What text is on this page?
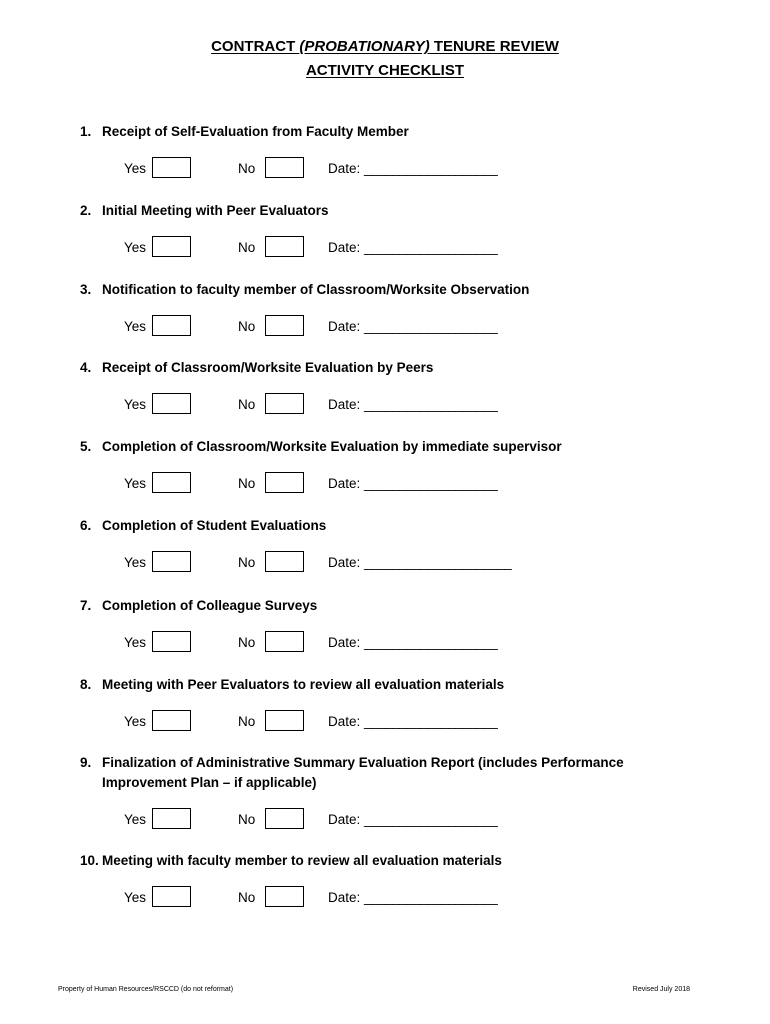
CONTRACT (PROBATIONARY) TENURE REVIEW
ACTIVITY CHECKLIST
1. Receipt of Self-Evaluation from Faculty Member
Yes	No	Date: ___________________
2. Initial Meeting with Peer Evaluators
Yes	No	Date: ___________________
3. Notification to faculty member of Classroom/Worksite Observation
Yes	No	Date: ___________________
4. Receipt of Classroom/Worksite Evaluation by Peers
Yes	No	Date: ___________________
5. Completion of Classroom/Worksite Evaluation by immediate supervisor
Yes	No	Date: ___________________
6. Completion of Student Evaluations
Yes	No	Date: _____________________
7. Completion of Colleague Surveys
Yes	No	Date: ___________________
8. Meeting with Peer Evaluators to review all evaluation materials
Yes	No	Date: ___________________
9. Finalization of Administrative Summary Evaluation Report (includes Performance Improvement Plan – if applicable)
Yes	No	Date: ___________________
10. Meeting with faculty member to review all evaluation materials
Yes	No	Date: ___________________
Property of Human Resources/RSCCD (do not reformat)	Revised July 2018
